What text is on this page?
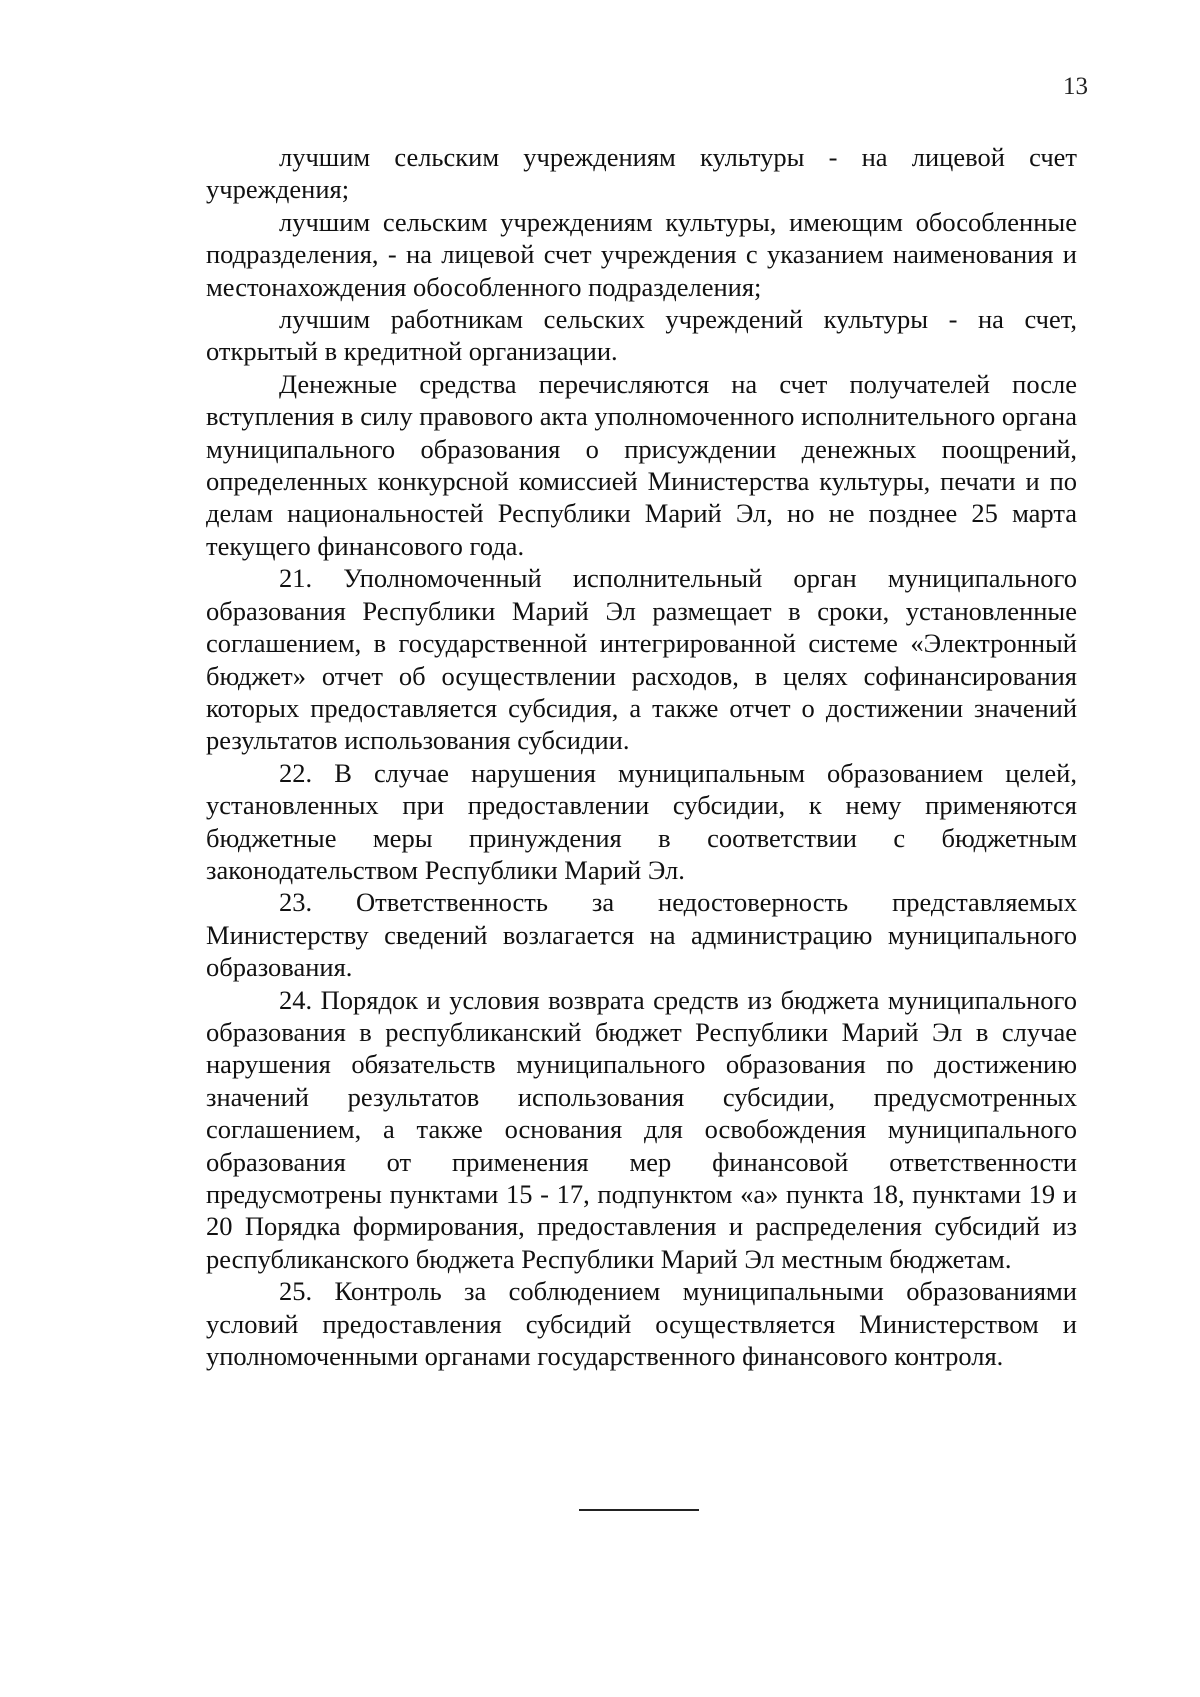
13

лучшим сельским учреждениям культуры - на лицевой счет учреждения;

лучшим сельским учреждениям культуры, имеющим обособленные подразделения, - на лицевой счет учреждения с указанием наименования и местонахождения обособленного подразделения;

лучшим работникам сельских учреждений культуры - на счет, открытый в кредитной организации.

Денежные средства перечисляются на счет получателей после вступления в силу правового акта уполномоченного исполнительного органа муниципального образования о присуждении денежных поощрений, определенных конкурсной комиссией Министерства культуры, печати и по делам национальностей Республики Марий Эл, но не позднее 25 марта текущего финансового года.

21. Уполномоченный исполнительный орган муниципального образования Республики Марий Эл размещает в сроки, установленные соглашением, в государственной интегрированной системе «Электронный бюджет» отчет об осуществлении расходов, в целях софинансирования которых предоставляется субсидия, а также отчет о достижении значений результатов использования субсидии.

22. В случае нарушения муниципальным образованием целей, установленных при предоставлении субсидии, к нему применяются бюджетные меры принуждения в соответствии с бюджетным законодательством Республики Марий Эл.

23. Ответственность за недостоверность представляемых Министерству сведений возлагается на администрацию муниципального образования.

24. Порядок и условия возврата средств из бюджета муниципального образования в республиканский бюджет Республики Марий Эл в случае нарушения обязательств муниципального образования по достижению значений результатов использования субсидии, предусмотренных соглашением, а также основания для освобождения муниципального образования от применения мер финансовой ответственности предусмотрены пунктами 15 - 17, подпунктом «а» пункта 18, пунктами 19 и 20 Порядка формирования, предоставления и распределения субсидий из республиканского бюджета Республики Марий Эл местным бюджетам.

25. Контроль за соблюдением муниципальными образованиями условий предоставления субсидий осуществляется Министерством и уполномоченными органами государственного финансового контроля.
